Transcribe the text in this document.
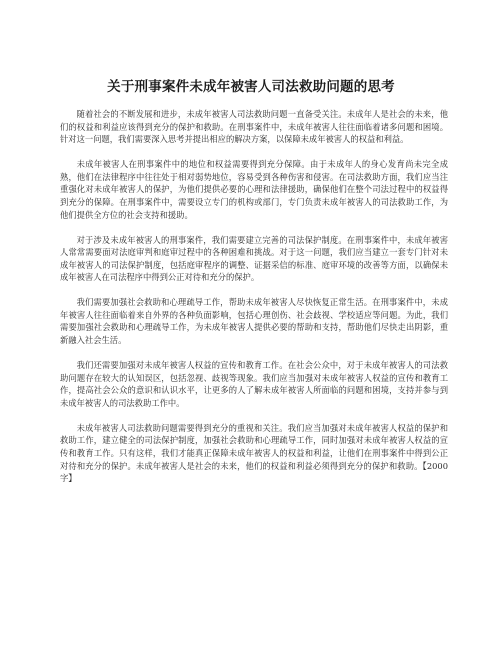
关于刑事案件未成年被害人司法救助问题的思考

随着社会的不断发展和进步，未成年被害人司法救助问题一直备受关注。未成年人是社会的未来，他们的权益和利益应该得到充分的保护和救助。在刑事案件中，未成年被害人往往面临着诸多问题和困境。针对这一问题，我们需要深入思考并提出相应的解决方案，以保障未成年被害人的权益和利益。

未成年被害人在刑事案件中的地位和权益需要得到充分保障。由于未成年人的身心发育尚未完全成熟，他们在法律程序中往往处于相对弱势地位，容易受到各种伤害和侵害。在司法救助方面，我们应当注重强化对未成年被害人的保护，为他们提供必要的心理和法律援助，确保他们在整个司法过程中的权益得到充分的保障。在刑事案件中，需要设立专门的机构或部门，专门负责未成年被害人的司法救助工作，为他们提供全方位的社会支持和援助。

对于涉及未成年被害人的刑事案件，我们需要建立完善的司法保护制度。在刑事案件中，未成年被害人常常需要面对法庭审判和庭审过程中的各种困难和挑战。对于这一问题，我们应当建立一套专门针对未成年被害人的司法保护制度，包括庭审程序的调整、证据采信的标准、庭审环境的改善等方面，以确保未成年被害人在司法程序中得到公正对待和充分的保护。

我们需要加强社会救助和心理疏导工作，帮助未成年被害人尽快恢复正常生活。在刑事案件中，未成年被害人往往面临着来自外界的各种负面影响，包括心理创伤、社会歧视、学校适应等问题。为此，我们需要加强社会救助和心理疏导工作，为未成年被害人提供必要的帮助和支持，帮助他们尽快走出阴影，重新融入社会生活。

我们还需要加强对未成年被害人权益的宣传和教育工作。在社会公众中，对于未成年被害人的司法救助问题存在较大的认知误区，包括忽视、歧视等现象。我们应当加强对未成年被害人权益的宣传和教育工作，提高社会公众的意识和认识水平，让更多的人了解未成年被害人所面临的问题和困境，支持并参与到未成年被害人的司法救助工作中。

未成年被害人司法救助问题需要得到充分的重视和关注。我们应当加强对未成年被害人权益的保护和救助工作，建立健全的司法保护制度，加强社会救助和心理疏导工作，同时加强对未成年被害人权益的宣传和教育工作。只有这样，我们才能真正保障未成年被害人的权益和利益，让他们在刑事案件中得到公正对待和充分的保护。未成年被害人是社会的未来，他们的权益和利益必须得到充分的保护和救助。【2000字】
